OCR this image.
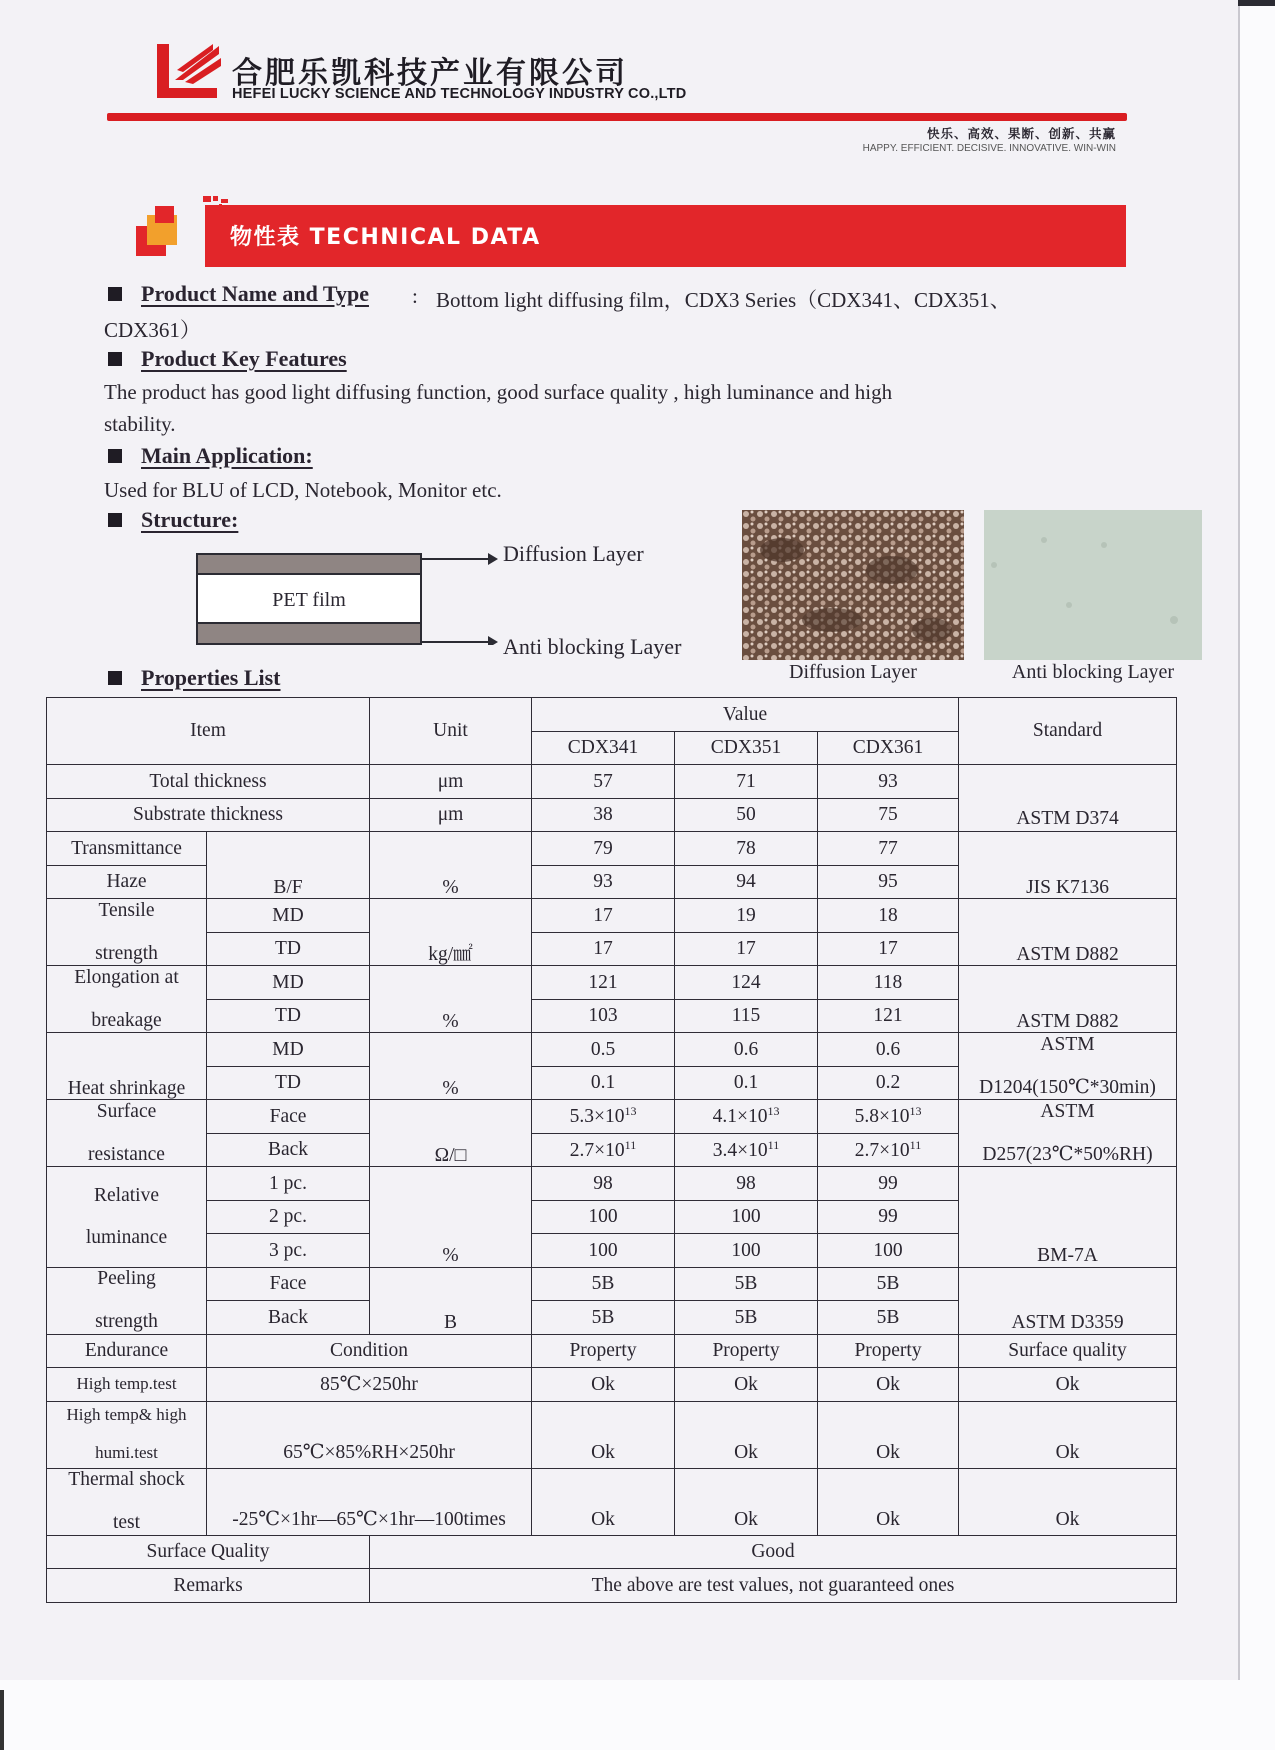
合肥乐凯科技产业有限公司
HEFEI LUCKY SCIENCE AND TECHNOLOGY INDUSTRY CO.,LTD
快乐、高效、果断、创新、共赢
HAPPY. EFFICIENT. DECISIVE. INNOVATIVE. WIN-WIN
物性表 TECHNICAL DATA
Product Name and Type : Bottom light diffusing film，CDX3 Series（CDX341、CDX351、
CDX361）
Product Key Features
The product has good light diffusing function, good surface quality , high luminance and high
stability.
Main Application:
Used for BLU of LCD, Notebook, Monitor etc.
Structure:
PET film
Diffusion Layer
Anti blocking Layer
Diffusion Layer	Anti blocking Layer
Properties List
Item		Unit	Value			Standard
			CDX341	CDX351	CDX361	
Total thickness		μm	57	71	93	ASTM D374
Substrate thickness		μm	38	50	75	
Transmittance	B/F	%	79	78	77	JIS K7136
Haze			93	94	95	
Tensile

strength	MD	kg/㎟	17	19	18	ASTM D882
	TD		17	17	17	
Elongation at

breakage	MD	%	121	124	118	ASTM D882
	TD		103	115	121	
Heat shrinkage	MD	%	0.5	0.6	0.6	ASTM

D1204(150℃*30min)
	TD		0.1	0.1	0.2	
Surface

resistance	Face	Ω/□	$5.3\times 10^{13}$	$4.1\times 10^{13}$	$5.8\times 10^{13}$	ASTM

D257(23℃*50%RH)
	Back		$2.7\times 10^{11}$	$3.4\times 10^{11}$	$2.7\times 10^{11}$
Relative

luminance	1 pc.	%	98	98	99	BM-7A
	2 pc.		100	100	99	
	3 pc.		100	100	100	
Peeling

strength	Face	B	5B	5B	5B	ASTM D3359
	Back		5B	5B	5B	
Endurance	Condition		Property	Property	Property	Surface quality
High temp.test	85℃×250hr		Ok	Ok	Ok	Ok
High temp& high

humi.test	65℃×85%RH×250hr		Ok	Ok	Ok	Ok
Thermal shock

test	-25℃×1hr—65℃×1hr—100times		Ok	Ok	Ok	Ok
Surface Quality		Good				
Remarks		The above are test values, not guaranteed ones				
